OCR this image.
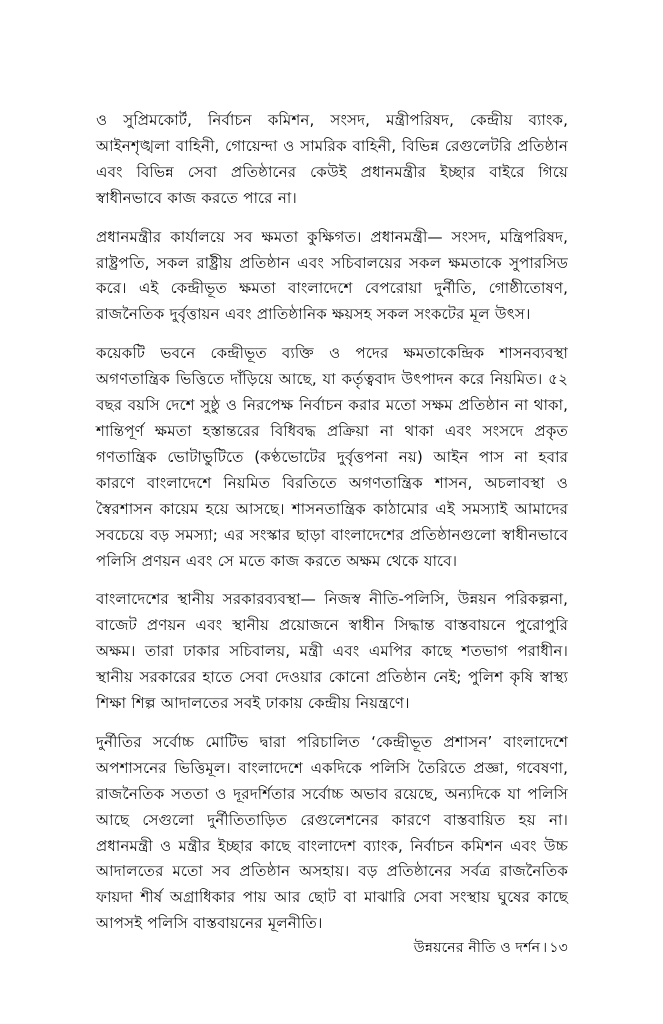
ও সুপ্রিমকোর্ট, নির্বাচন কমিশন, সংসদ, মন্ত্রীপরিষদ, কেন্দ্রীয় ব্যাংক, আইনশৃঙ্খলা বাহিনী, গোয়েন্দা ও সামরিক বাহিনী, বিভিন্ন রেগুলেটরি প্রতিষ্ঠান এবং বিভিন্ন সেবা প্রতিষ্ঠানের কেউই প্রধানমন্ত্রীর ইচ্ছার বাইরে গিয়ে স্বাধীনভাবে কাজ করতে পারে না।

প্রধানমন্ত্রীর কার্যালয়ে সব ক্ষমতা কুক্ষিগত। প্রধানমন্ত্রী— সংসদ, মন্ত্রিপরিষদ, রাষ্ট্রপতি, সকল রাষ্ট্রীয় প্রতিষ্ঠান এবং সচিবালয়ের সকল ক্ষমতাকে সুপারসিড করে। এই কেন্দ্রীভূত ক্ষমতা বাংলাদেশে বেপরোয়া দুর্নীতি, গোষ্ঠীতোষণ, রাজনৈতিক দুর্বৃত্তায়ন এবং প্রাতিষ্ঠানিক ক্ষয়সহ সকল সংকটের মূল উৎস।

কয়েকটি ভবনে কেন্দ্রীভূত ব্যক্তি ও পদের ক্ষমতাকেন্দ্রিক শাসনব্যবস্থা অগণতান্ত্রিক ভিত্তিতে দাঁড়িয়ে আছে, যা কর্তৃত্ববাদ উৎপাদন করে নিয়মিত। ৫২ বছর বয়সি দেশে সুষ্ঠু ও নিরপেক্ষ নির্বাচন করার মতো সক্ষম প্রতিষ্ঠান না থাকা, শান্তিপূর্ণ ক্ষমতা হস্তান্তরের বিধিবদ্ধ প্রক্রিয়া না থাকা এবং সংসদে প্রকৃত গণতান্ত্রিক ভোটাভুটিতে (কণ্ঠভোটের দুর্বৃত্তপনা নয়) আইন পাস না হবার কারণে বাংলাদেশে নিয়মিত বিরতিতে অগণতান্ত্রিক শাসন, অচলাবস্থা ও স্বৈরশাসন কায়েম হয়ে আসছে। শাসনতান্ত্রিক কাঠামোর এই সমস্যাই আমাদের সবচেয়ে বড় সমস্যা; এর সংস্কার ছাড়া বাংলাদেশের প্রতিষ্ঠানগুলো স্বাধীনভাবে পলিসি প্রণয়ন এবং সে মতে কাজ করতে অক্ষম থেকে যাবে।

বাংলাদেশের স্থানীয় সরকারব্যবস্থা— নিজস্ব নীতি-পলিসি, উন্নয়ন পরিকল্পনা, বাজেট প্রণয়ন এবং স্থানীয় প্রয়োজনে স্বাধীন সিদ্ধান্ত বাস্তবায়নে পুরোপুরি অক্ষম। তারা ঢাকার সচিবালয়, মন্ত্রী এবং এমপির কাছে শতভাগ পরাধীন। স্থানীয় সরকারের হাতে সেবা দেওয়ার কোনো প্রতিষ্ঠান নেই; পুলিশ কৃষি স্বাস্থ্য শিক্ষা শিল্প আদালতের সবই ঢাকায় কেন্দ্রীয় নিয়ন্ত্রণে।

দুর্নীতির সর্বোচ্চ মোটিভ দ্বারা পরিচালিত ‘কেন্দ্রীভূত প্রশাসন’ বাংলাদেশে অপশাসনের ভিত্তিমূল। বাংলাদেশে একদিকে পলিসি তৈরিতে প্রজ্ঞা, গবেষণা, রাজনৈতিক সততা ও দূরদর্শিতার সর্বোচ্চ অভাব রয়েছে, অন্যদিকে যা পলিসি আছে সেগুলো দুর্নীতিতাড়িত রেগুলেশনের কারণে বাস্তবায়িত হয় না। প্রধানমন্ত্রী ও মন্ত্রীর ইচ্ছার কাছে বাংলাদেশ ব্যাংক, নির্বাচন কমিশন এবং উচ্চ আদালতের মতো সব প্রতিষ্ঠান অসহায়। বড় প্রতিষ্ঠানের সর্বত্র রাজনৈতিক ফায়দা শীর্ষ অগ্রাধিকার পায় আর ছোট বা মাঝারি সেবা সংস্থায় ঘুষের কাছে আপসই পলিসি বাস্তবায়নের মূলনীতি।

উন্নয়নের নীতি ও দর্শন । ১৩
